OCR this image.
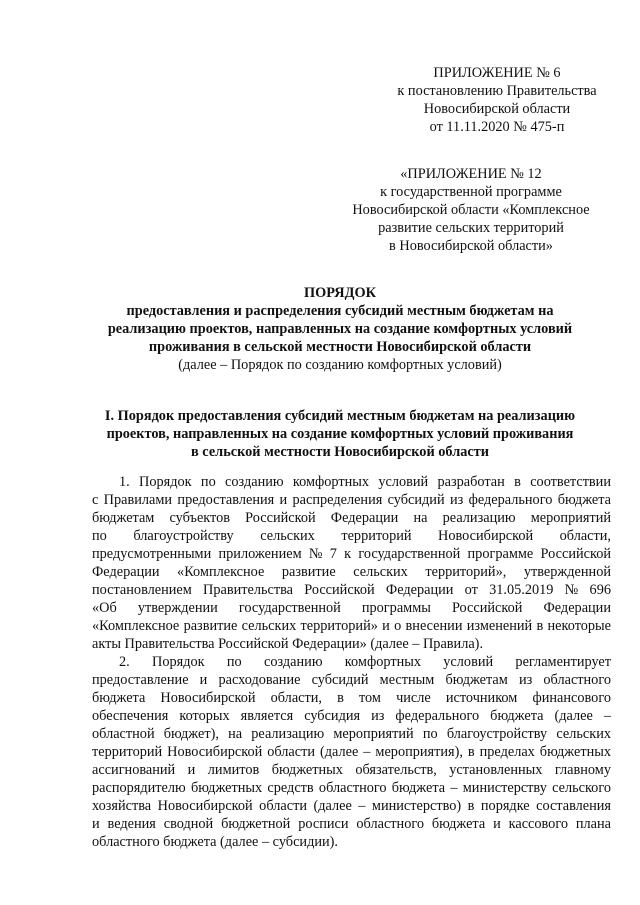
ПРИЛОЖЕНИЕ № 6
к постановлению Правительства
Новосибирской области
от 11.11.2020 № 475-п
«ПРИЛОЖЕНИЕ № 12
к государственной программе
Новосибирской области «Комплексное
развитие сельских территорий
в Новосибирской области»
ПОРЯДОК
предоставления и распределения субсидий местным бюджетам на
реализацию проектов, направленных на создание комфортных условий
проживания в сельской местности Новосибирской области
(далее – Порядок по созданию комфортных условий)
I. Порядок предоставления субсидий местным бюджетам на реализацию
проектов, направленных на создание комфортных условий проживания
в сельской местности Новосибирской области
1. Порядок по созданию комфортных условий разработан в соответствии
с Правилами предоставления и распределения субсидий из федерального бюджета
бюджетам субъектов Российской Федерации на реализацию мероприятий
по благоустройству сельских территорий Новосибирской области,
предусмотренными приложением № 7 к государственной программе Российской
Федерации «Комплексное развитие сельских территорий», утвержденной
постановлением Правительства Российской Федерации от 31.05.2019 № 696
«Об утверждении государственной программы Российской Федерации
«Комплексное развитие сельских территорий» и о внесении изменений в некоторые
акты Правительства Российской Федерации» (далее – Правила).
2. Порядок по созданию комфортных условий регламентирует
предоставление и расходование субсидий местным бюджетам из областного
бюджета Новосибирской области, в том числе источником финансового
обеспечения которых является субсидия из федерального бюджета (далее –
областной бюджет), на реализацию мероприятий по благоустройству сельских
территорий Новосибирской области (далее – мероприятия), в пределах бюджетных
ассигнований и лимитов бюджетных обязательств, установленных главному
распорядителю бюджетных средств областного бюджета – министерству сельского
хозяйства Новосибирской области (далее – министерство) в порядке составления
и ведения сводной бюджетной росписи областного бюджета и кассового плана
областного бюджета (далее – субсидии).
